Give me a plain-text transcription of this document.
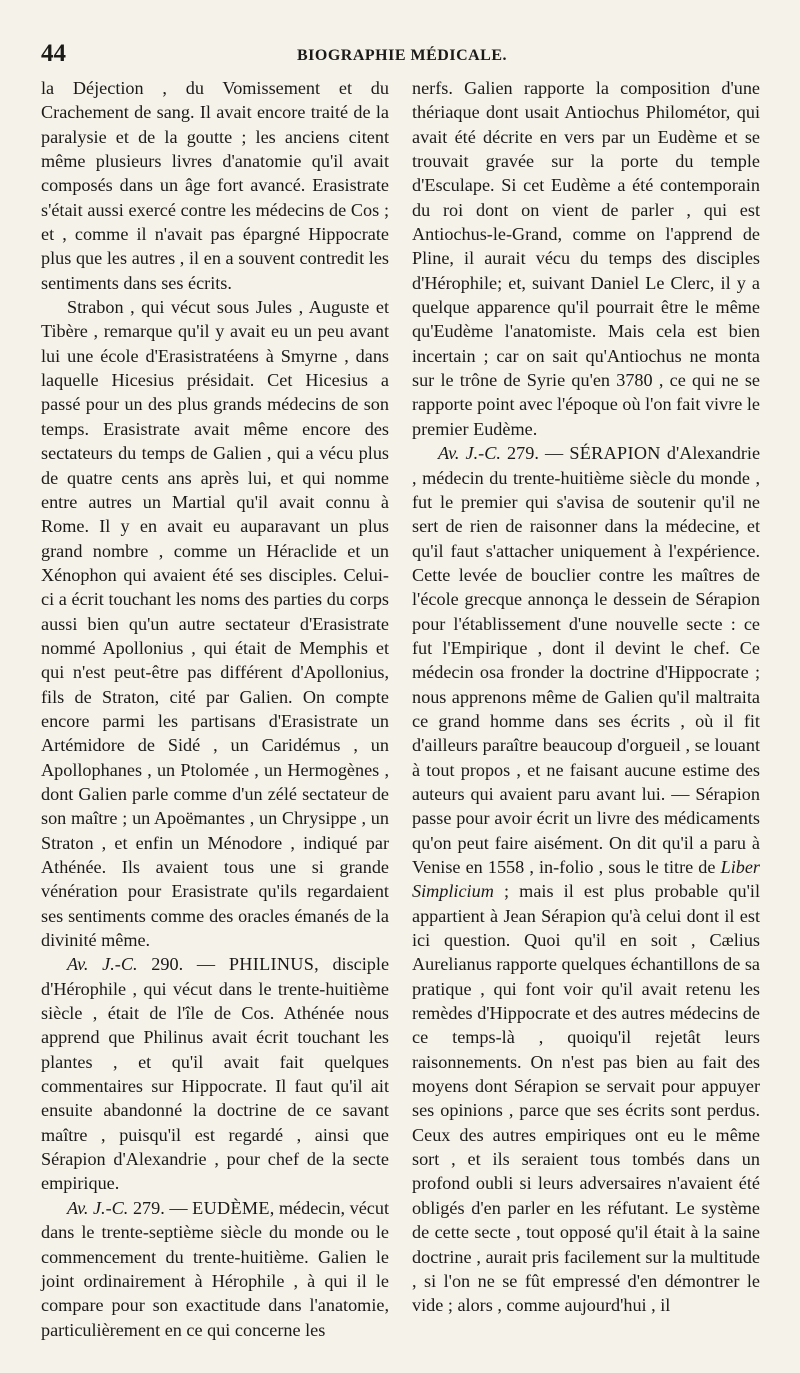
44	BIOGRAPHIE MÉDICALE.

la Déjection , du Vomissement et du Crachement de sang. Il avait encore traité de la paralysie et de la goutte ; les anciens citent même plusieurs livres d'anatomie qu'il avait composés dans un âge fort avancé. Erasistrate s'était aussi exercé contre les médecins de Cos ; et , comme il n'avait pas épargné Hippocrate plus que les autres , il en a souvent contredit les sentiments dans ses écrits.

Strabon , qui vécut sous Jules , Auguste et Tibère , remarque qu'il y avait eu un peu avant lui une école d'Erasistratéens à Smyrne , dans laquelle Hicesius présidait. Cet Hicesius a passé pour un des plus grands médecins de son temps. Erasistrate avait même encore des sectateurs du temps de Galien , qui a vécu plus de quatre cents ans après lui, et qui nomme entre autres un Martial qu'il avait connu à Rome. Il y en avait eu auparavant un plus grand nombre , comme un Héraclide et un Xénophon qui avaient été ses disciples. Celui-ci a écrit touchant les noms des parties du corps aussi bien qu'un autre sectateur d'Erasistrate nommé Apollonius , qui était de Memphis et qui n'est peut-être pas différent d'Apollonius, fils de Straton, cité par Galien. On compte encore parmi les partisans d'Erasistrate un Artémidore de Sidé , un Caridémus , un Apollophanes , un Ptolomée , un Hermogènes , dont Galien parle comme d'un zélé sectateur de son maître ; un Apoëmantes , un Chrysippe , un Straton , et enfin un Ménodore , indiqué par Athénée. Ils avaient tous une si grande vénération pour Erasistrate qu'ils regardaient ses sentiments comme des oracles émanés de la divinité même.

Av. J.-C. 290. — PHILINUS, disciple d'Hérophile , qui vécut dans le trente-huitième siècle , était de l'île de Cos. Athénée nous apprend que Philinus avait écrit touchant les plantes , et qu'il avait fait quelques commentaires sur Hippocrate. Il faut qu'il ait ensuite abandonné la doctrine de ce savant maître , puisqu'il est regardé , ainsi que Sérapion d'Alexandrie , pour chef de la secte empirique.

Av. J.-C. 279. — EUDÈME, médecin, vécut dans le trente-septième siècle du monde ou le commencement du trente-huitième. Galien le joint ordinairement à Hérophile , à qui il le compare pour son exactitude dans l'anatomie, particulièrement en ce qui concerne les

nerfs. Galien rapporte la composition d'une thériaque dont usait Antiochus Philométor, qui avait été décrite en vers par un Eudème et se trouvait gravée sur la porte du temple d'Esculape. Si cet Eudème a été contemporain du roi dont on vient de parler , qui est Antiochus-le-Grand, comme on l'apprend de Pline, il aurait vécu du temps des disciples d'Hérophile; et, suivant Daniel Le Clerc, il y a quelque apparence qu'il pourrait être le même qu'Eudème l'anatomiste. Mais cela est bien incertain ; car on sait qu'Antiochus ne monta sur le trône de Syrie qu'en 3780 , ce qui ne se rapporte point avec l'époque où l'on fait vivre le premier Eudème.

Av. J.-C. 279. — SÉRAPION d'Alexandrie , médecin du trente-huitième siècle du monde , fut le premier qui s'avisa de soutenir qu'il ne sert de rien de raisonner dans la médecine, et qu'il faut s'attacher uniquement à l'expérience. Cette levée de bouclier contre les maîtres de l'école grecque annonça le dessein de Sérapion pour l'établissement d'une nouvelle secte : ce fut l'Empirique , dont il devint le chef. Ce médecin osa fronder la doctrine d'Hippocrate ; nous apprenons même de Galien qu'il maltraita ce grand homme dans ses écrits , où il fit d'ailleurs paraître beaucoup d'orgueil , se louant à tout propos , et ne faisant aucune estime des auteurs qui avaient paru avant lui. — Sérapion passe pour avoir écrit un livre des médicaments qu'on peut faire aisément. On dit qu'il a paru à Venise en 1558 , in-folio , sous le titre de Liber Simplicium ; mais il est plus probable qu'il appartient à Jean Sérapion qu'à celui dont il est ici question. Quoi qu'il en soit , Cælius Aurelianus rapporte quelques échantillons de sa pratique , qui font voir qu'il avait retenu les remèdes d'Hippocrate et des autres médecins de ce temps-là , quoiqu'il rejetât leurs raisonnements. On n'est pas bien au fait des moyens dont Sérapion se servait pour appuyer ses opinions , parce que ses écrits sont perdus. Ceux des autres empiriques ont eu le même sort , et ils seraient tous tombés dans un profond oubli si leurs adversaires n'avaient été obligés d'en parler en les réfutant. Le système de cette secte , tout opposé qu'il était à la saine doctrine , aurait pris facilement sur la multitude , si l'on ne se fût empressé d'en démontrer le vide ; alors , comme aujourd'hui , il
